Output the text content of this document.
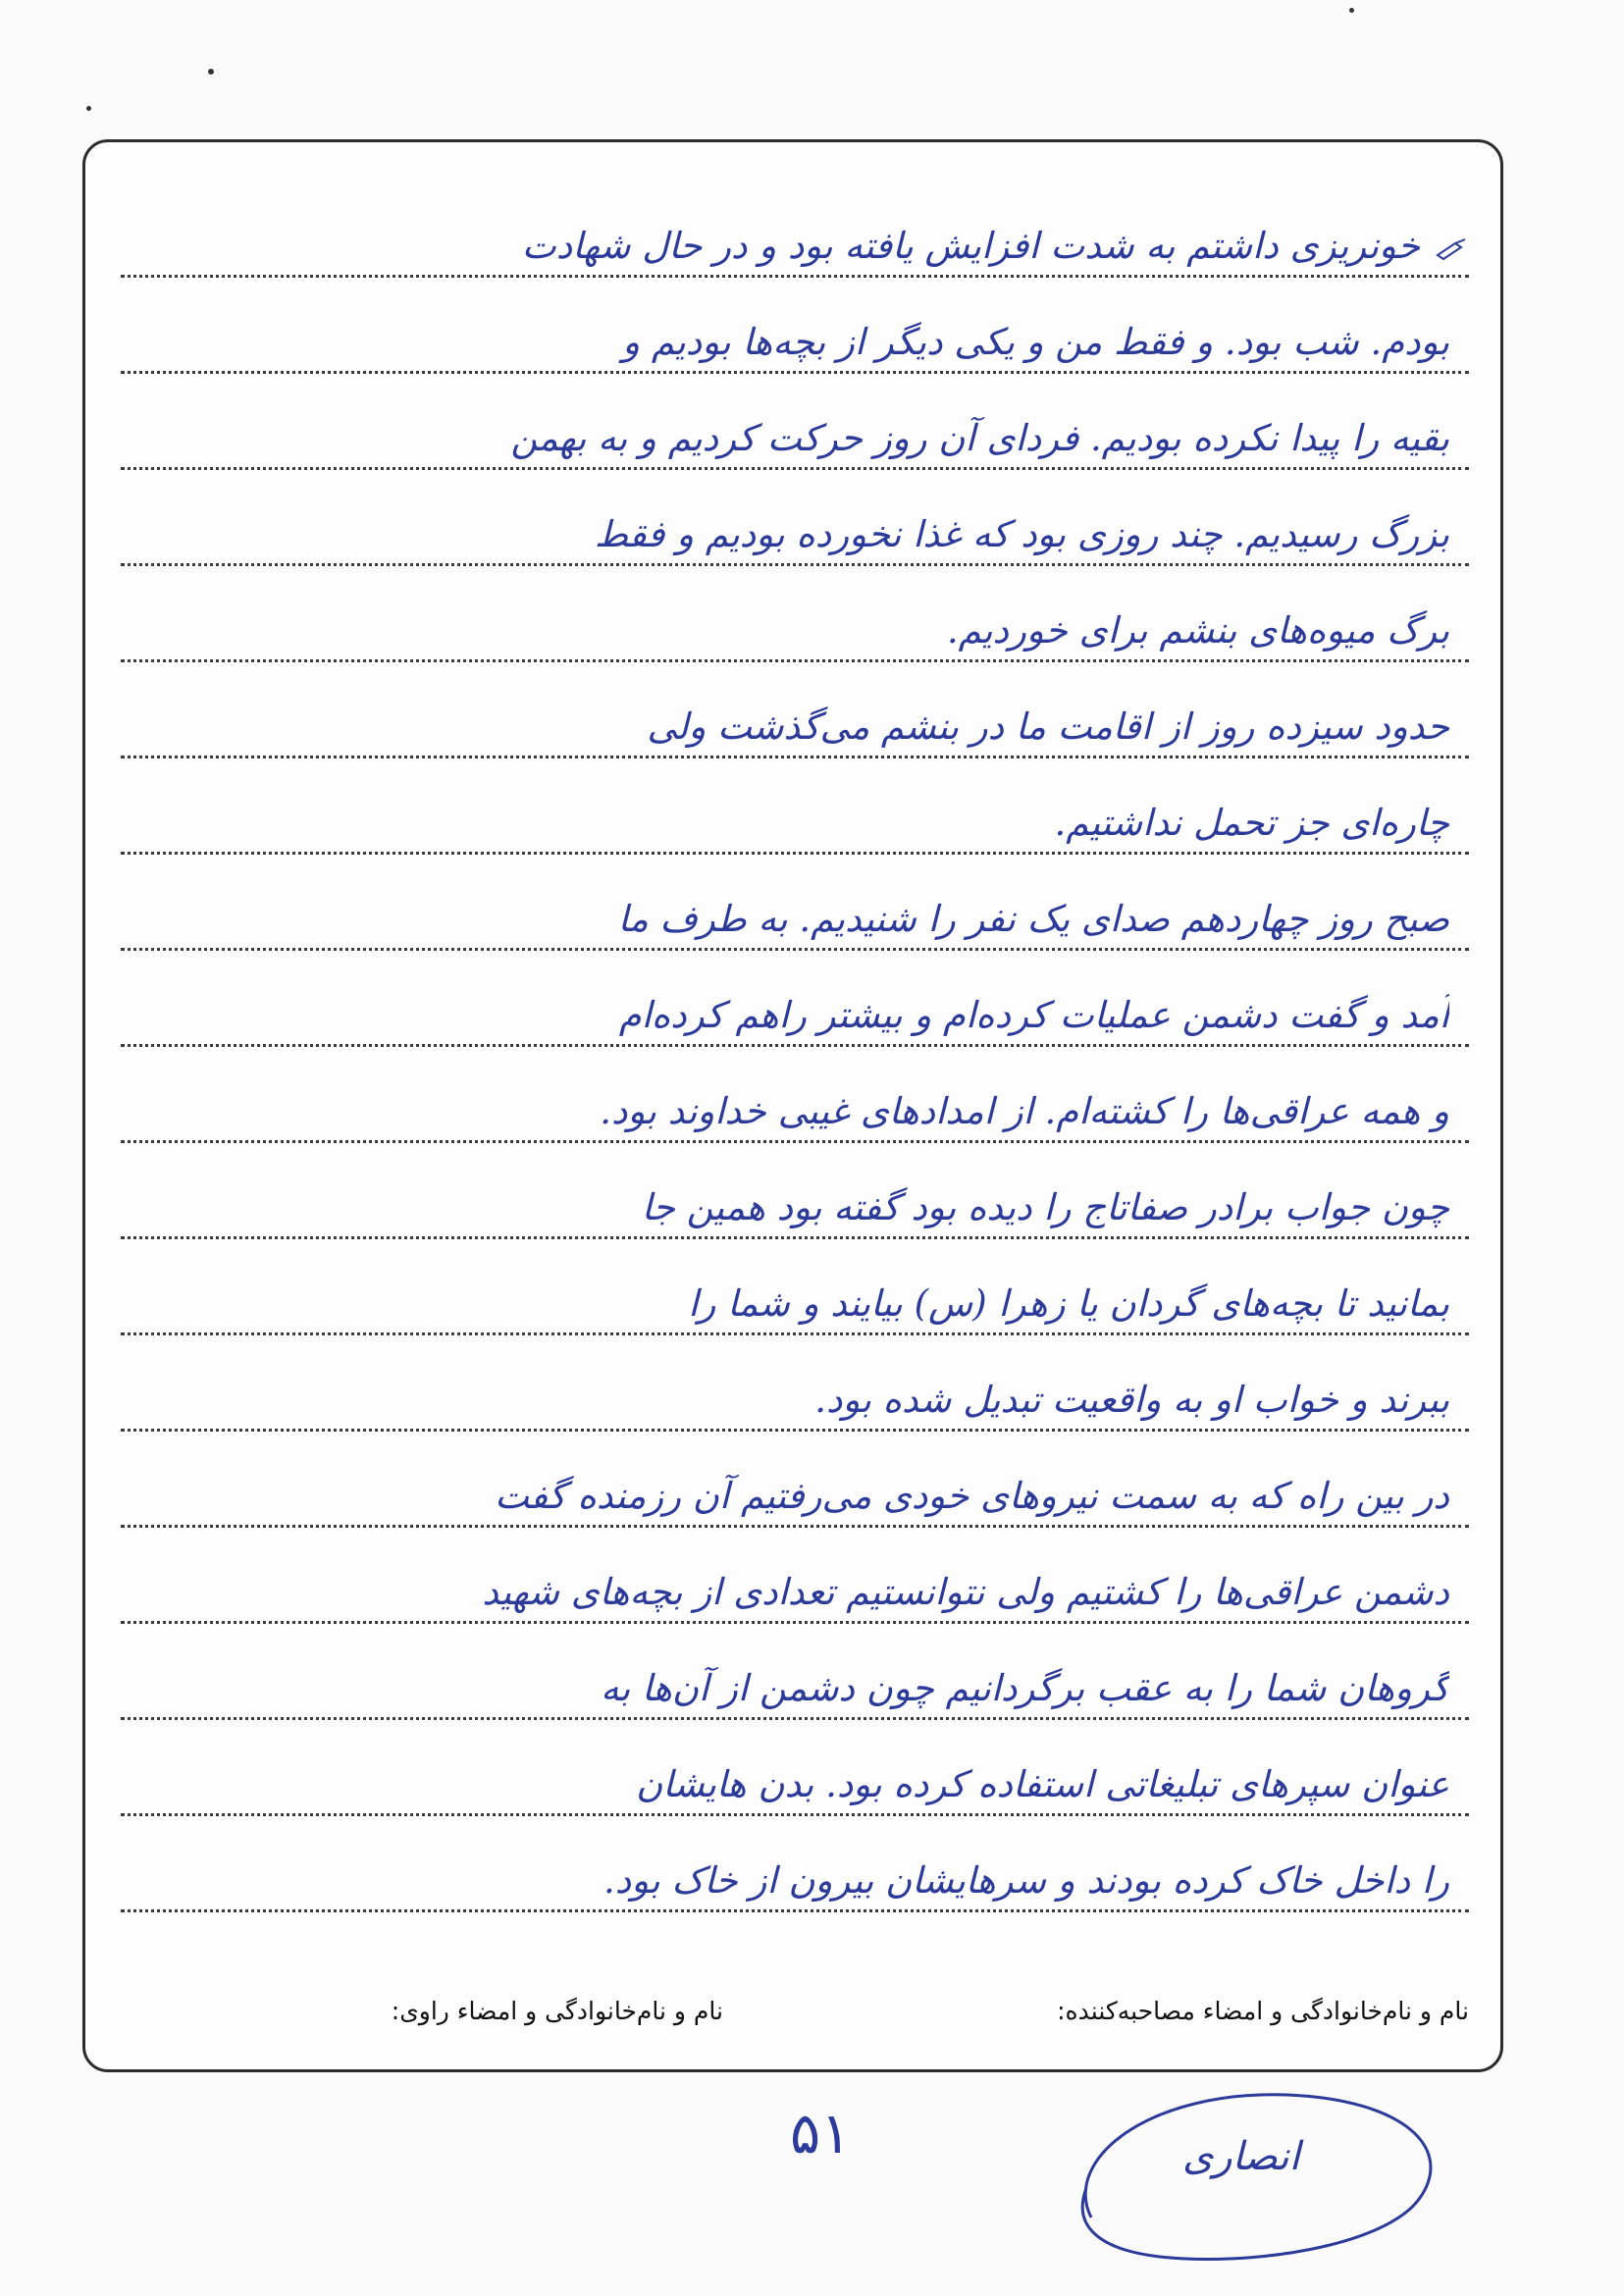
خونریزی داشتم به شدت افزایش یافته بود و در حال شهادت
بودم. شب بود. و فقط من و یکی دیگر از بچه‌ها بودیم و
بقیه را پیدا نکرده بودیم. فردای آن روز حرکت کردیم و به بهمن
بزرگ رسیدیم. چند روزی بود که غذا نخورده بودیم و فقط
برگ میوه‌های بنشم برای خوردیم.
حدود سیزده روز از اقامت ما در بنشم می‌گذشت ولی
چاره‌ای جز تحمل نداشتیم.
صبح روز چهاردهم صدای یک نفر را شنیدیم. به طرف ما
آمد و گفت دشمن عملیات کرده‌ام و بیشتر راهم کرده‌ام
و همه عراقی‌ها را کشته‌ام. از امدادهای غیبی خداوند بود.
چون جواب برادر صفاتاج را دیده بود گفته بود همین جا
بمانید تا بچه‌های گردان یا زهرا (س) بیایند و شما را
ببرند و خواب او به واقعیت تبدیل شده بود.
در بین راه که به سمت نیروهای خودی می‌رفتیم آن رزمنده گفت
دشمن عراقی‌ها را کشتیم ولی نتوانستیم تعدادی از بچه‌های شهید
گروهان شما را به عقب برگردانیم چون دشمن از آن‌ها به
عنوان سپرهای تبلیغاتی استفاده کرده بود. بدن هایشان
را داخل خاک کرده بودند و سرهایشان بیرون از خاک بود.
نام و نام‌خانوادگی و امضاء مصاحبه‌کننده:
نام و نام‌خانوادگی و امضاء راوی:
۵۱	انصاری
